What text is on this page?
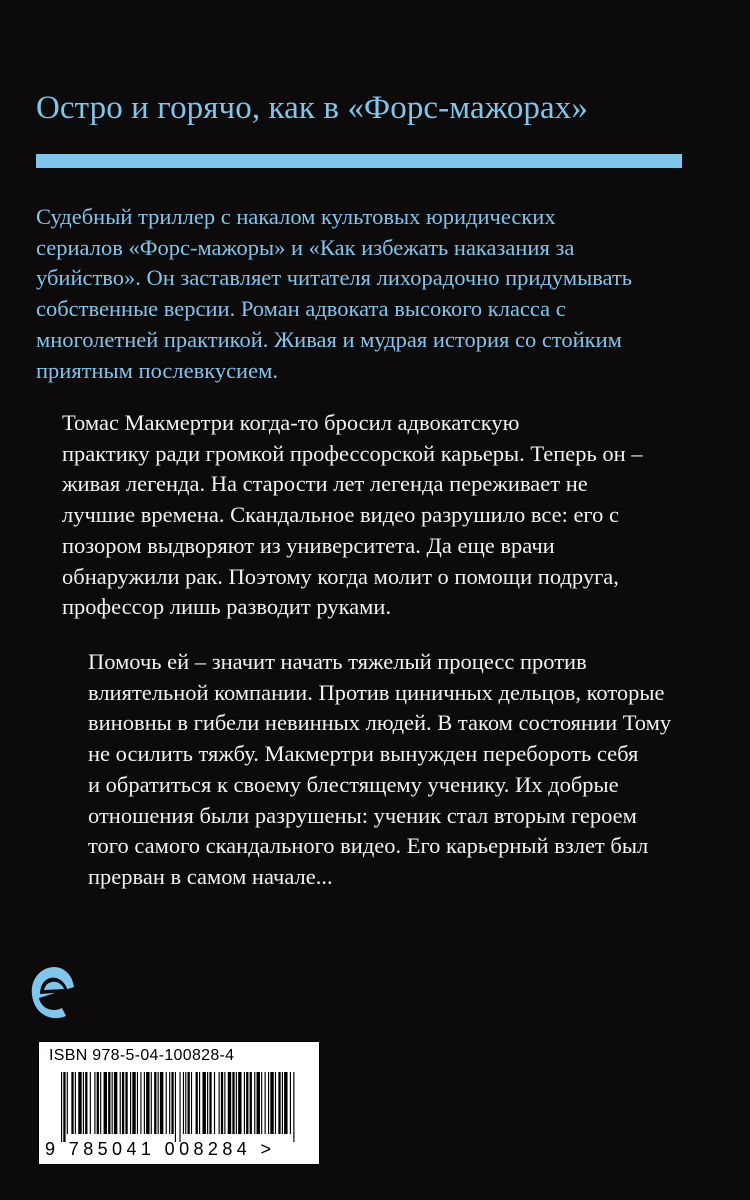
Остро и горячо, как в «Форс-мажорах»

Судебный триллер с накалом культовых юридических
сериалов «Форс-мажоры» и «Как избежать наказания за
убийство». Он заставляет читателя лихорадочно придумывать
собственные версии. Роман адвоката высокого класса с
многолетней практикой. Живая и мудрая история со стойким
приятным послевкусием.

Томас Макмертри когда-то бросил адвокатскую
практику ради громкой профессорской карьеры. Теперь он –
живая легенда. На старости лет легенда переживает не
лучшие времена. Скандальное видео разрушило все: его с
позором выдворяют из университета. Да еще врачи
обнаружили рак. Поэтому когда молит о помощи подруга,
профессор лишь разводит руками.

Помочь ей – значит начать тяжелый процесс против
влиятельной компании. Против циничных дельцов, которые
виновны в гибели невинных людей. В таком состоянии Тому
не осилить тяжбу. Макмертри вынужден перебороть себя
и обратиться к своему блестящему ученику. Их добрые
отношения были разрушены: ученик стал вторым героем
того самого скандального видео. Его карьерный взлет был
прерван в самом начале...

ISBN 978-5-04-100828-4
9 785041 008284 >
